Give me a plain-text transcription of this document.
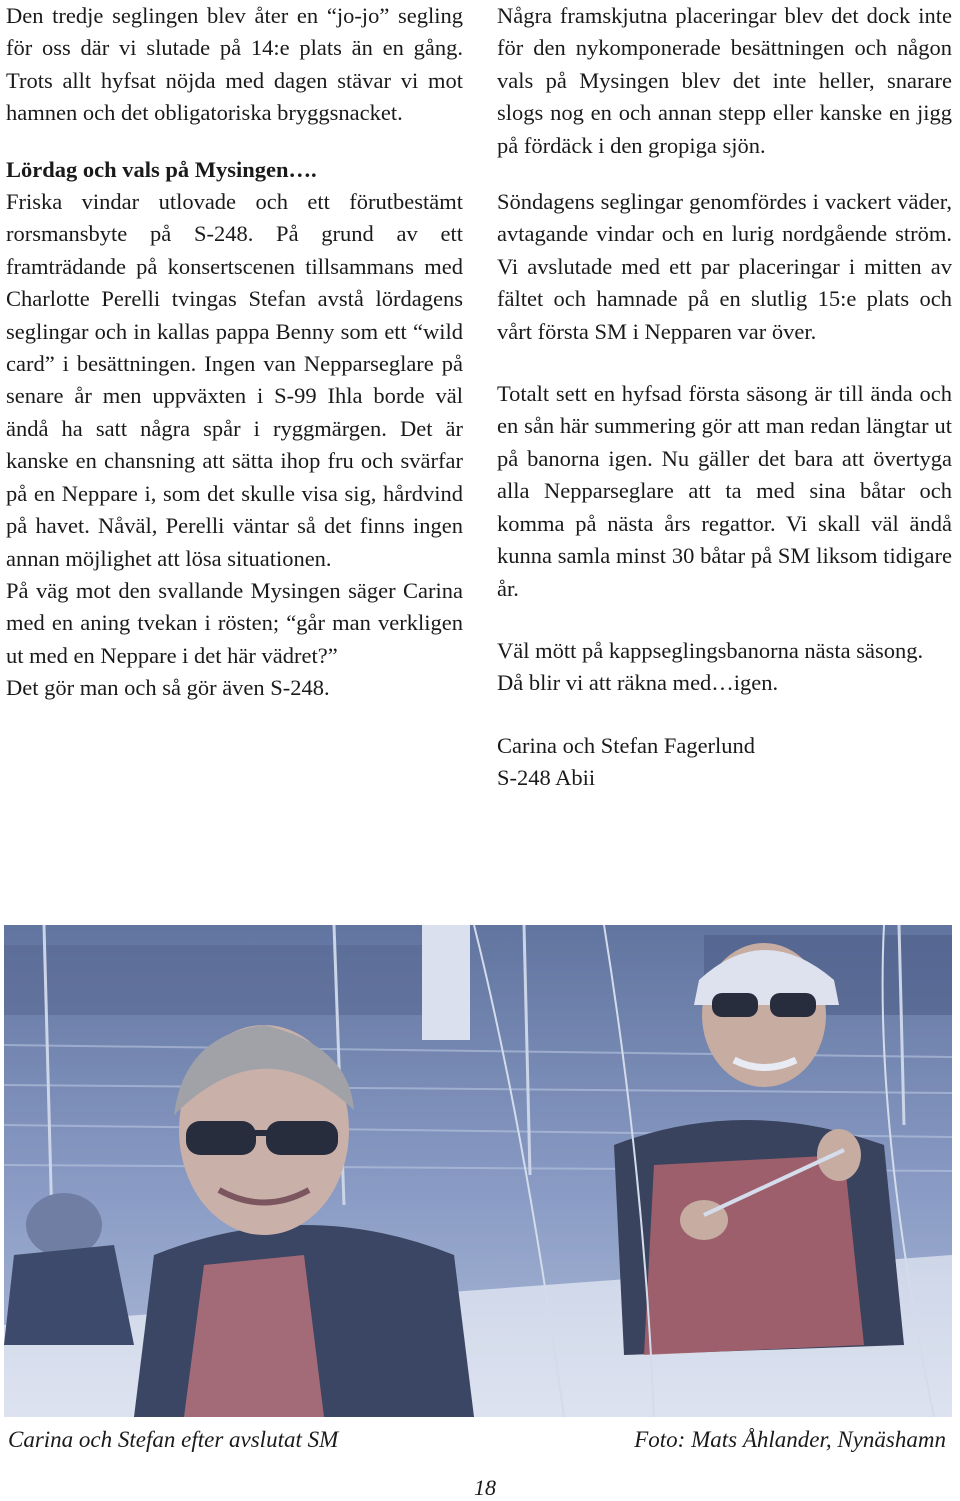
Den tredje seglingen blev åter en “jo-jo” segling för oss där vi slutade på 14:e plats än en gång. Trots allt hyfsat nöjda med dagen stävar vi mot hamnen och det obligatoriska bryggsnacket.

Lördag och vals på Mysingen….

Friska vindar utlovade och ett förutbestämt rorsmansbyte på S-248. På grund av ett framträdande på konsertscenen tillsammans med Charlotte Perelli tvingas Stefan avstå lördagens seglingar och in kallas pappa Benny som ett “wild card” i besättningen. Ingen van Nepparseglare på senare år men uppväxten i S-99 Ihla borde väl ändå ha satt några spår i ryggmärgen. Det är kanske en chansning att sätta ihop fru och svärfar på en Neppare i, som det skulle visa sig, hårdvind på havet. Nåväl, Perelli väntar så det finns ingen annan möjlighet att lösa situationen.

På väg mot den svallande Mysingen säger Carina med en aning tvekan i rösten; “går man verkligen ut med en Neppare i det här vädret?”

Det gör man och så gör även S-248.

Några framskjutna placeringar blev det dock inte för den nykomponerade besättningen och någon vals på Mysingen blev det inte heller, snarare slogs nog en och annan stepp eller kanske en jigg på fördäck i den gropiga sjön.

Söndagens seglingar genomfördes i vackert väder, avtagande vindar och en lurig nordgående ström. Vi avslutade med ett par placeringar i mitten av fältet och hamnade på en slutlig 15:e plats och vårt första SM i Nepparen var över.

Totalt sett en hyfsad första säsong är till ända och en sån här summering gör att man redan längtar ut på banorna igen. Nu gäller det bara att övertyga alla Nepparseglare att ta med sina båtar och komma på nästa års regattor. Vi skall väl ändå kunna samla minst 30 båtar på SM liksom tidigare år.

Väl mött på kappseglingsbanorna nästa säsong.

Då blir vi att räkna med…igen.

Carina och Stefan Fagerlund

S-248 Abii

Carina och Stefan efter avslutat SM	Foto: Mats Åhlander, Nynäshamn
18
